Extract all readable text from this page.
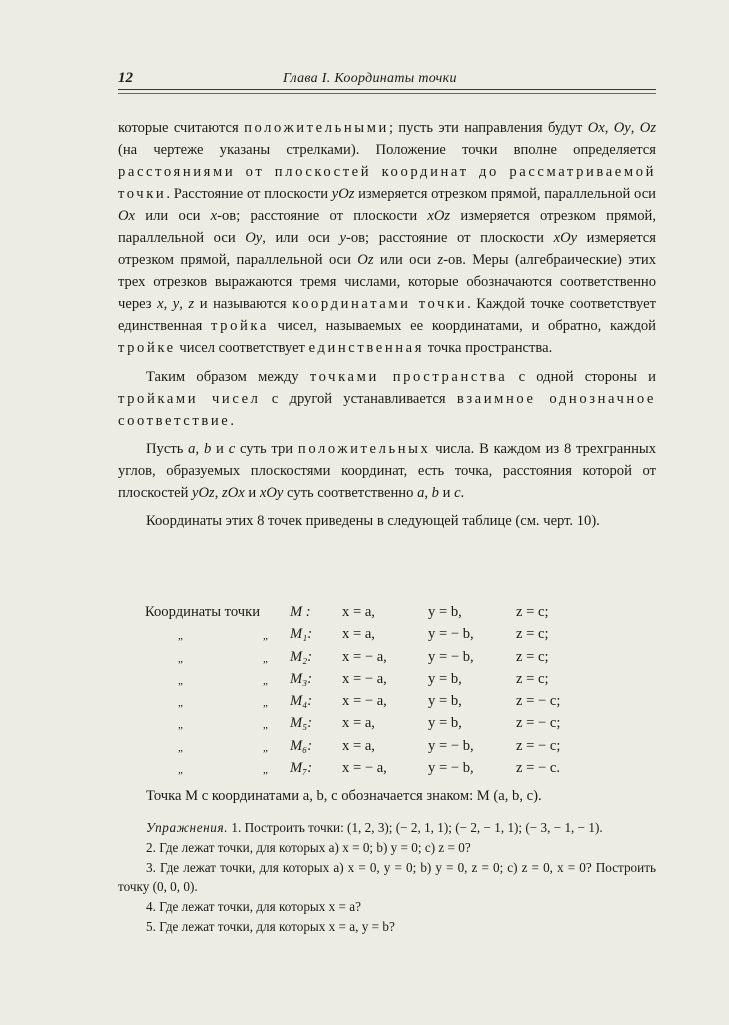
12	Глава I. Координаты точки

которые считаются положительными; пусть эти направления будут Ox, Oy, Oz (на чертеже указаны стрелками). Положение точки вполне определяется расстояниями от плоскостей координат до рассматриваемой точки. Расстояние от плоскости yOz измеряется отрезком прямой, параллельной оси Ox или оси x-ов; расстояние от плоскости xOz измеряется отрезком прямой, параллельной оси Oy, или оси y-ов; расстояние от плоскости xOy измеряется отрезком прямой, параллельной оси Oz или оси z-ов. Меры (алгебраические) этих трех отрезков выражаются тремя числами, которые обозначаются соответственно через x, y, z и называются координатами точки. Каждой точке соответствует единственная тройка чисел, называемых ее координатами, и обратно, каждой тройке чисел соответствует единственная точка пространства.

Таким образом между точками пространства с одной стороны и тройками чисел с другой устанавливается взаимное однозначное соответствие.

Пусть a, b и c суть три положительных числа. В каждом из 8 трехгранных углов, образуемых плоскостями координат, есть точка, расстояния которой от плоскостей yOz, zOx и xOy суть соответственно a, b и c.

Координаты этих 8 точек приведены в следующей таблице (см. черт. 10).

Координаты точки M : x = a,	y = b,	z = c;
„	„ M₁: x = a,	y = − b,	z = c;
„	„ M₂: x = − a,	y = − b,	z = c;
„	„ M₃: x = − a,	y = b,	z = c;
„	„ M₄: x = − a,	y = b,	z = − c;
„	„ M₅: x = a,	y = b,	z = − c;
„	„ M₆: x = a,	y = − b,	z = − c;
„	„ M₇: x = − a,	y = − b,	z = − c.

Точка M с координатами a, b, c обозначается знаком: M (a, b, c).

Упражнения. 1. Построить точки: (1, 2, 3); (− 2, 1, 1); (− 2, − 1, 1); (− 3, − 1, − 1).

2. Где лежат точки, для которых a) x = 0; b) y = 0; c) z = 0?

3. Где лежат точки, для которых a) x = 0, y = 0; b) y = 0, z = 0; c) z = 0, x = 0? Построить точку (0, 0, 0).

4. Где лежат точки, для которых x = a?

5. Где лежат точки, для которых x = a, y = b?
